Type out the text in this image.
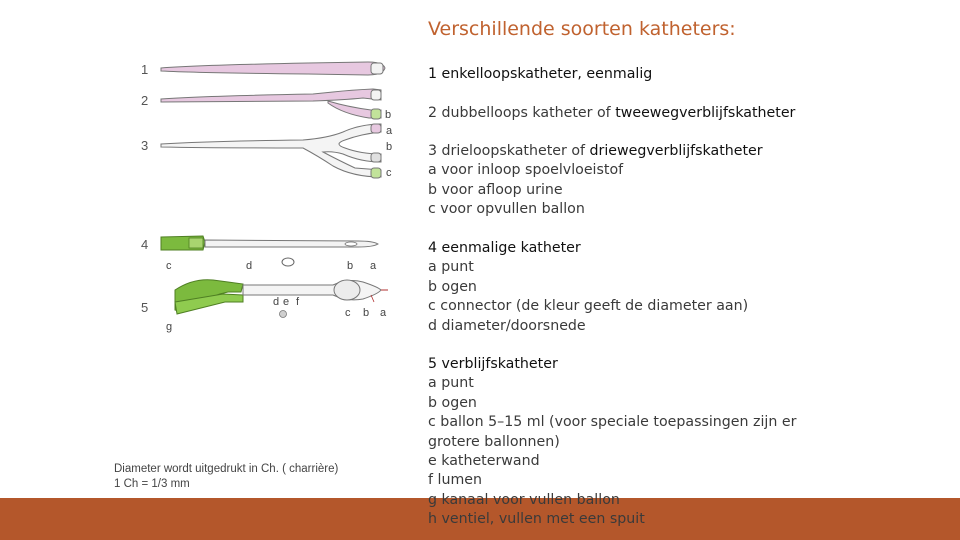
Verschillende soorten katheters:
1
2
3
4
5
b
a
b
c
c	d	b a
d e f
c b a
g
Diameter wordt uitgedrukt in Ch. ( charrière)
1 Ch = 1/3 mm
1 enkelloopskatheter, eenmalig
2 dubbelloops katheter of tweewegverblijfskatheter
3 drieloopskatheter of driewegverblijfskatheter
a voor inloop spoelvloeistof
b voor afloop urine
c voor opvullen ballon
4 eenmalige katheter
a punt
b ogen
c connector (de kleur geeft de diameter aan)
d diameter/doorsnede
5 verblijfskatheter
a punt
b ogen
c ballon 5–15 ml (voor speciale toepassingen zijn er
grotere ballonnen)
e katheterwand
f lumen
g kanaal voor vullen ballon
h ventiel, vullen met een spuit
